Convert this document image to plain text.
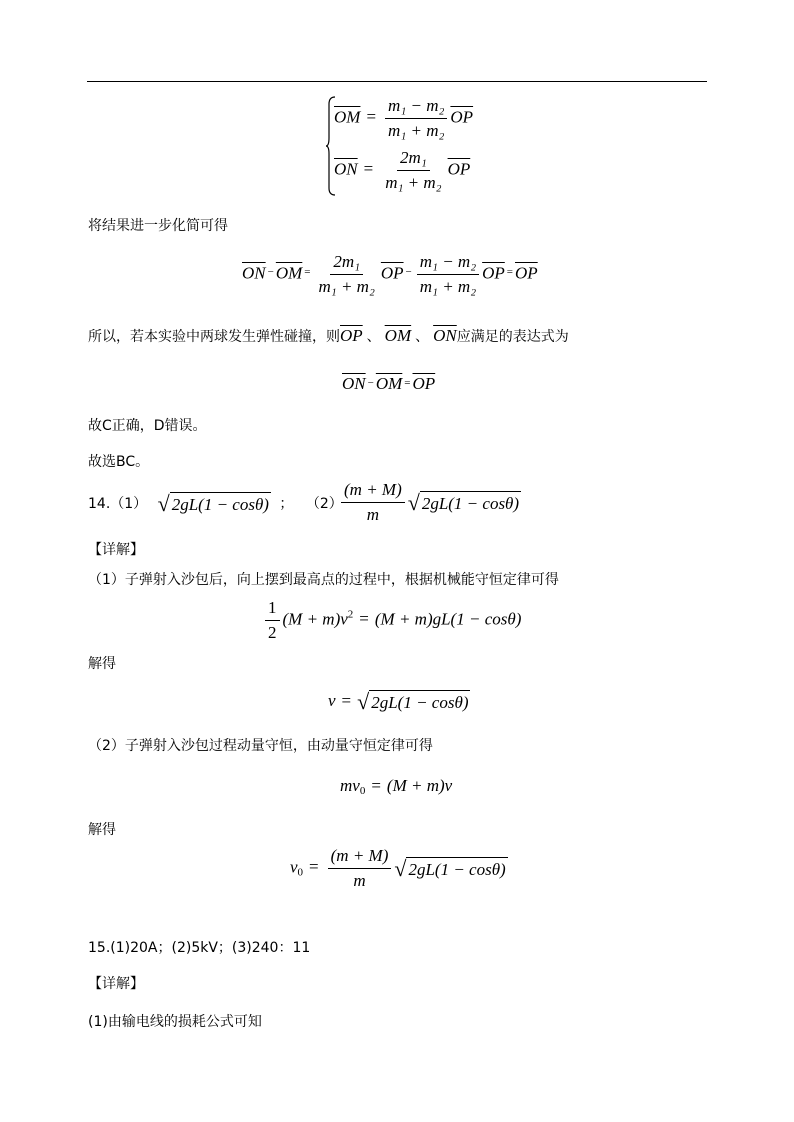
$\overline{OM} = \frac{\text{m₁ − m₂}}{\text{m₁ + m₂}} \overline{OP}$
$\overline{ON} = \frac{\text{2m₁}}{\text{m₁ + m₂}} \overline{OP}$
将结果进一步化简可得
$\overline{ON} - \overline{OM} = \frac{\text{2m₁}}{\text{m₁ + m₂}} \overline{OP} - \frac{\text{m₁ − m₂}}{\text{m₁ + m₂}} \overline{OP} = \overline{OP}$
所以，若本实验中两球发生弹性碰撞，则$\overline{OP}$ 、 $\overline{OM}$ 、 $\overline{ON}$应满足的表达式为
$\overline{ON} - \overline{OM} = \overline{OP}$
故C正确，D错误。
故选BC。
14.（1） √ 2gL(1 − cosθ) ； （2）
$\frac{(m + M)}{m}$ √ 2gL(1 − cosθ)
【详解】
（1）子弹射入沙包后，向上摆到最高点的过程中，根据机械能守恒定律可得
$\frac{1}{2} (M + m)v^2 = (M + m)gL(1 - \cos\theta)$
解得
v = √ 2gL(1 − cosθ)
（2）子弹射入沙包过程动量守恒，由动量守恒定律可得
$mv_0 = (M + m)v$
解得
$v_0 = \frac{(m + M)}{m}$ √ 2gL(1 − cosθ)
15.(1)20A；(2)5kV；(3)240：11
【详解】
(1)由输电线的损耗公式可知
